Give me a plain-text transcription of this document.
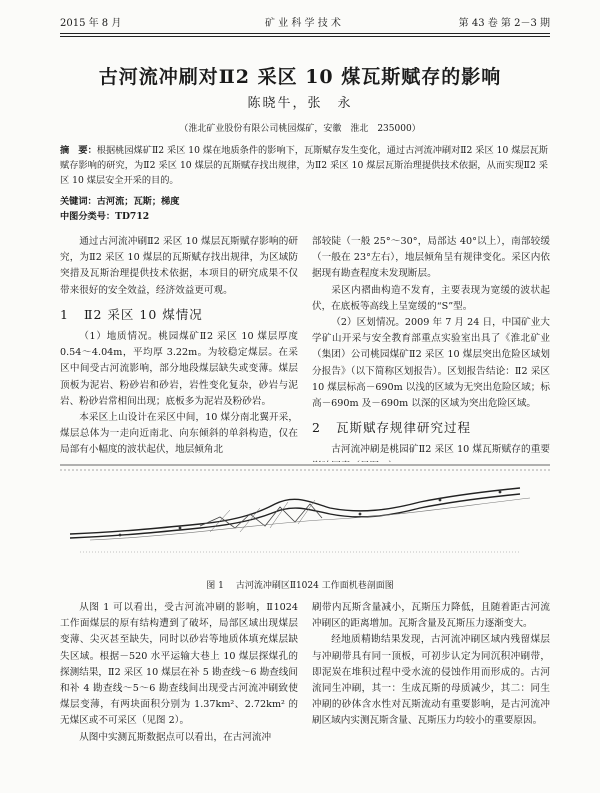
2015 年 8 月	矿 业 科 学 技 术	第 43 卷 第 2－3 期
古河流冲刷对Ⅱ2 采区 10 煤瓦斯赋存的影响
陈晓牛，张　永
（淮北矿业股份有限公司桃园煤矿，安徽　淮北　235000）
摘　要：根据桃园煤矿Ⅱ2 采区 10 煤在地质条件的影响下，瓦斯赋存发生变化，通过古河流冲刷对Ⅱ2 采区 10 煤层瓦斯赋存影响的研究，为Ⅱ2 采区 10 煤层的瓦斯赋存找出规律，为Ⅱ2 采区 10 煤层瓦斯治理提供技术依据，从而实现Ⅱ2 采区 10 煤层安全开采的目的。
关键词：古河流；瓦斯；梯度
中图分类号：TD712

通过古河流冲刷Ⅱ2 采区 10 煤层瓦斯赋存影响的研究，为Ⅱ2 采区 10 煤层的瓦斯赋存找出规律，为区域防突措及瓦斯治理提供技术依据，本项目的研究成果不仅带来很好的安全效益，经济效益更可观。

1 Ⅱ2 采区 10 煤情况

（1）地质情况。桃园煤矿Ⅱ2 采区 10 煤层厚度 0.54～4.04m，平均厚 3.22m。为较稳定煤层。在采区中间受古河流影响，部分地段煤层缺失或变薄。煤层顶板为泥岩、粉砂岩和砂岩，岩性变化复杂，砂岩与泥岩、粉砂岩常相间出现；底板多为泥岩及粉砂岩。

本采区上山设计在采区中间，10 煤分南北翼开采，煤层总体为一走向近南北、向东倾斜的单斜构造，仅在局部有小幅度的波状起伏，地层倾角北

部较陡（一般 25°～30°，局部达 40°以上），南部较缓（一般在 23°左右），地层倾角呈有规律变化。采区内依据现有勘查程度未发现断层。

采区内褶曲构造不发育，主要表现为宽缓的波状起伏，在底板等高线上呈宽缓的“S”型。

（2）区划情况。2009 年 7 月 24 日，中国矿业大学矿山开采与安全教育部重点实验室出具了《淮北矿业（集团）公司桃园煤矿Ⅱ2 采区 10 煤层突出危险区域划分报告》（以下简称区划报告）。区划报告结论：Ⅱ2 采区 10 煤层标高－690m 以浅的区域为无突出危险区域；标高－690m 及－690m 以深的区域为突出危险区域。

2 瓦斯赋存规律研究过程

古河流冲刷是桃园矿Ⅱ2 采区 10 煤瓦斯赋存的重要

图 1 古河流冲刷区Ⅱ1024 工作面机巷剖面图

从图 1 可以看出，受古河流冲刷的影响，Ⅱ1024 工作面煤层的原有结构遭到了破坏，局部区域出现煤层变薄、尖灭甚至缺失，同时以砂岩等地质体填充煤层缺失区域。根据－520 水平运输大巷上 10 煤层探煤孔的探测结果，Ⅱ2 采区 10 煤层在补 5 勘查线～6 勘查线间和补 4 勘查线～5～6 勘查线间出现受古河流冲刷致使煤层变薄，有两块面积分别为 1.37km²、2.72km² 的无煤区或不可采区（见图 2）。

从图中实测瓦斯数据点可以看出，在古河流冲

刷带内瓦斯含量减小，瓦斯压力降低，且随着距古河流冲刷区的距离增加。瓦斯含量及瓦斯压力逐渐变大。

经地质精勘结果发现，古河流冲刷区域内残留煤层与冲刷带具有同一顶板，可初步认定为同沉积冲刷带，即泥炭在堆积过程中受水流的侵蚀作用而形成的。古河流同生冲刷，其一：生成瓦斯的母质减少，其二：同生冲刷的砂体含水性对瓦斯流动有重要影响，是古河流冲刷区域内实测瓦斯含量、瓦斯压力均较小的重要原因。
